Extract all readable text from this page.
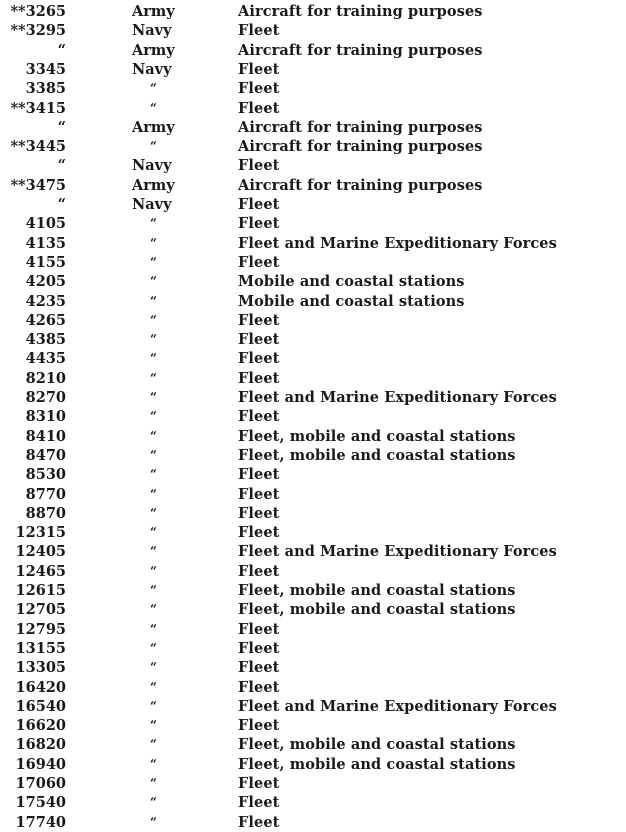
**3265	Army	Aircraft for training purposes
**3295	Navy	Fleet
“	Army	Aircraft for training purposes
3345	Navy	Fleet
3385	“	Fleet
**3415	“	Fleet
“	Army	Aircraft for training purposes
**3445	“	Aircraft for training purposes
“	Navy	Fleet
**3475	Army	Aircraft for training purposes
“	Navy	Fleet
4105	“	Fleet
4135	“	Fleet and Marine Expeditionary Forces
4155	“	Fleet
4205	“	Mobile and coastal stations
4235	“	Mobile and coastal stations
4265	“	Fleet
4385	“	Fleet
4435	“	Fleet
8210	“	Fleet
8270	“	Fleet and Marine Expeditionary Forces
8310	“	Fleet
8410	“	Fleet, mobile and coastal stations
8470	“	Fleet, mobile and coastal stations
8530	“	Fleet
8770	“	Fleet
8870	“	Fleet
12315	“	Fleet
12405	“	Fleet and Marine Expeditionary Forces
12465	“	Fleet
12615	“	Fleet, mobile and coastal stations
12705	“	Fleet, mobile and coastal stations
12795	“	Fleet
13155	“	Fleet
13305	“	Fleet
16420	“	Fleet
16540	“	Fleet and Marine Expeditionary Forces
16620	“	Fleet
16820	“	Fleet, mobile and coastal stations
16940	“	Fleet, mobile and coastal stations
17060	“	Fleet
17540	“	Fleet
17740	“	Fleet
